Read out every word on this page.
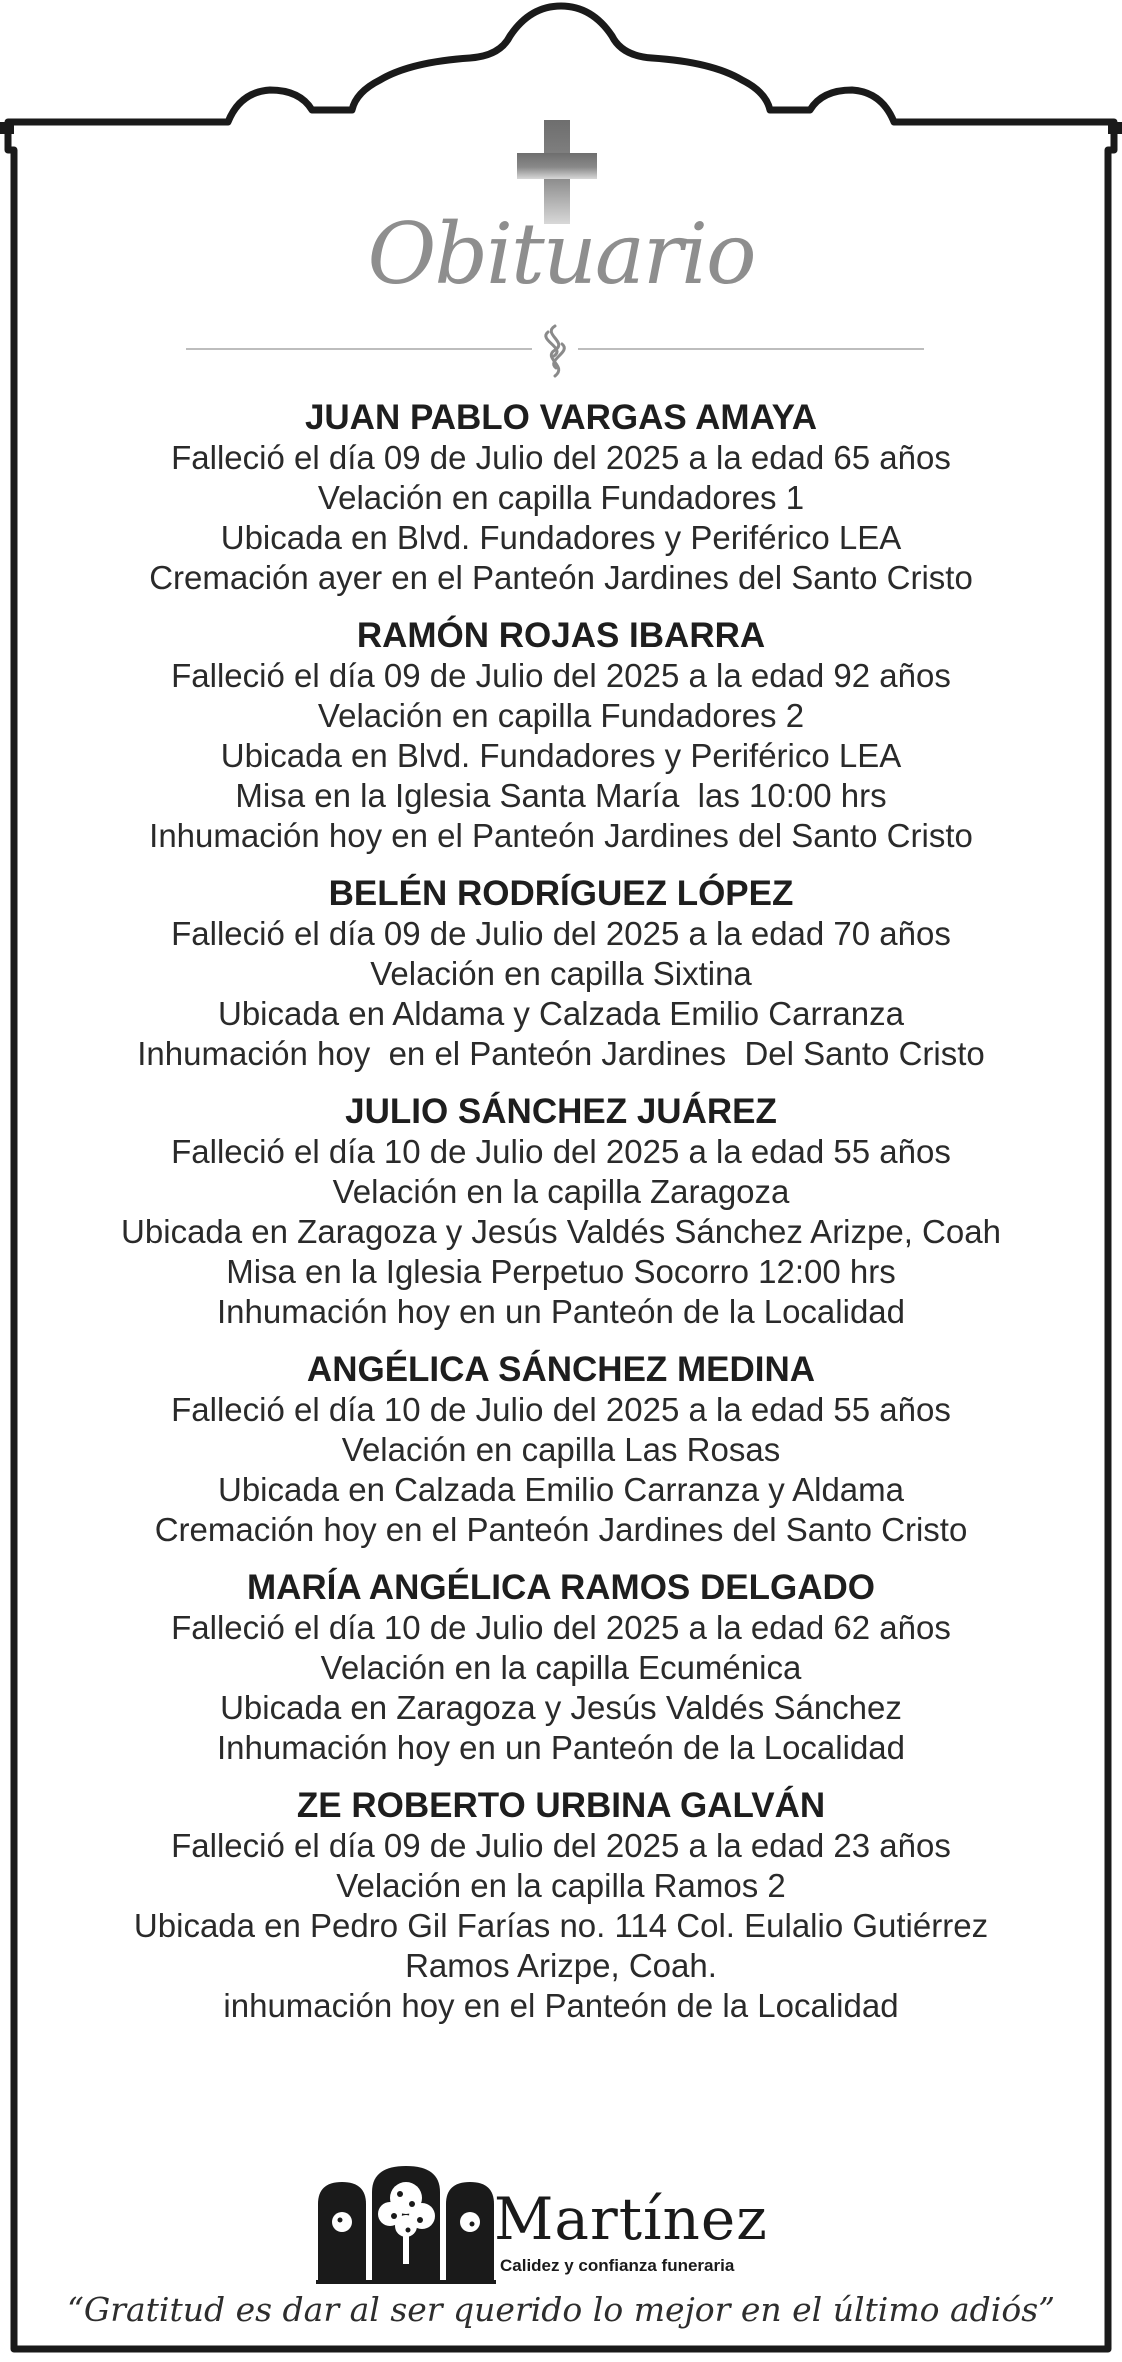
Obituario
JUAN PABLO VARGAS AMAYA
Falleció el día 09 de Julio del 2025 a la edad 65 años
Velación en capilla Fundadores 1
Ubicada en Blvd. Fundadores y Periférico LEA
Cremación ayer en el Panteón Jardines del Santo Cristo
RAMÓN ROJAS IBARRA
Falleció el día 09 de Julio del 2025 a la edad 92 años
Velación en capilla Fundadores 2
Ubicada en Blvd. Fundadores y Periférico LEA
Misa en la Iglesia Santa María  las 10:00 hrs
Inhumación hoy en el Panteón Jardines del Santo Cristo
BELÉN RODRÍGUEZ LÓPEZ
Falleció el día 09 de Julio del 2025 a la edad 70 años
Velación en capilla Sixtina
Ubicada en Aldama y Calzada Emilio Carranza
Inhumación hoy  en el Panteón Jardines  Del Santo Cristo
JULIO SÁNCHEZ JUÁREZ
Falleció el día 10 de Julio del 2025 a la edad 55 años
Velación en la capilla Zaragoza
Ubicada en Zaragoza y Jesús Valdés Sánchez Arizpe, Coah
Misa en la Iglesia Perpetuo Socorro 12:00 hrs
Inhumación hoy en un Panteón de la Localidad
ANGÉLICA SÁNCHEZ MEDINA
Falleció el día 10 de Julio del 2025 a la edad 55 años
Velación en capilla Las Rosas
Ubicada en Calzada Emilio Carranza y Aldama
Cremación hoy en el Panteón Jardines del Santo Cristo
MARÍA ANGÉLICA RAMOS DELGADO
Falleció el día 10 de Julio del 2025 a la edad 62 años
Velación en la capilla Ecuménica
Ubicada en Zaragoza y Jesús Valdés Sánchez
Inhumación hoy en un Panteón de la Localidad
ZE ROBERTO URBINA GALVÁN
Falleció el día 09 de Julio del 2025 a la edad 23 años
Velación en la capilla Ramos 2
Ubicada en Pedro Gil Farías no. 114 Col. Eulalio Gutiérrez
Ramos Arizpe, Coah.
inhumación hoy en el Panteón de la Localidad
Martínez
Calidez y confianza funeraria
“Gratitud es dar al ser querido lo mejor en el último adiós”
